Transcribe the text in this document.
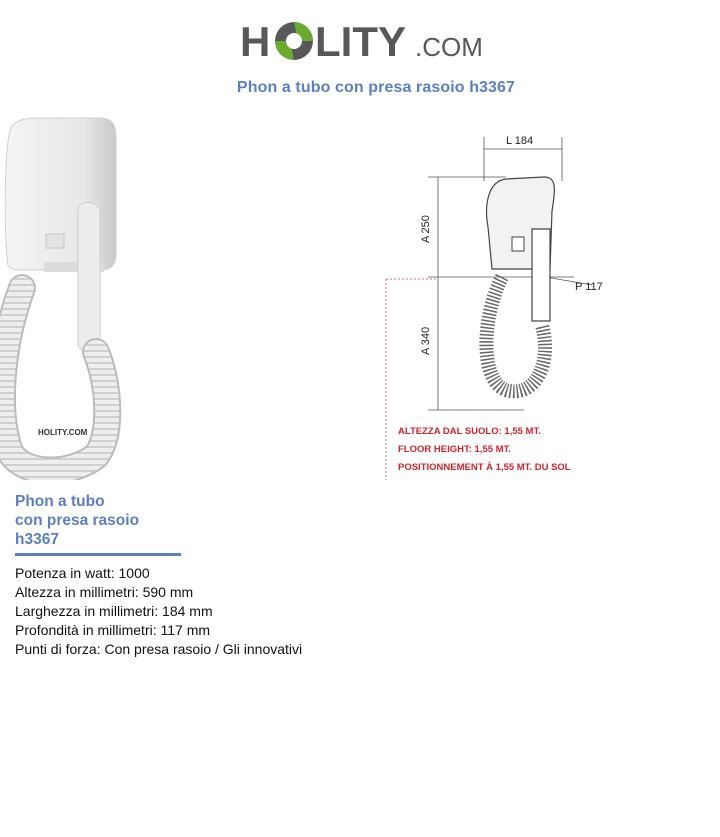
H LITY .COM
Phon a tubo con presa rasoio h3367
HOLITY.COM
L 184
A 250
A 340
P 117
ALTEZZA DAL SUOLO: 1,55 MT.
FLOOR HEIGHT: 1,55 MT.
POSITIONNEMENT À 1,55 MT. DU SOL
Phon a tubo
con presa rasoio
h3367
Potenza in watt: 1000
Altezza in millimetri: 590 mm
Larghezza in millimetri: 184 mm
Profondità in millimetri: 117 mm
Punti di forza: Con presa rasoio / Gli innovativi
